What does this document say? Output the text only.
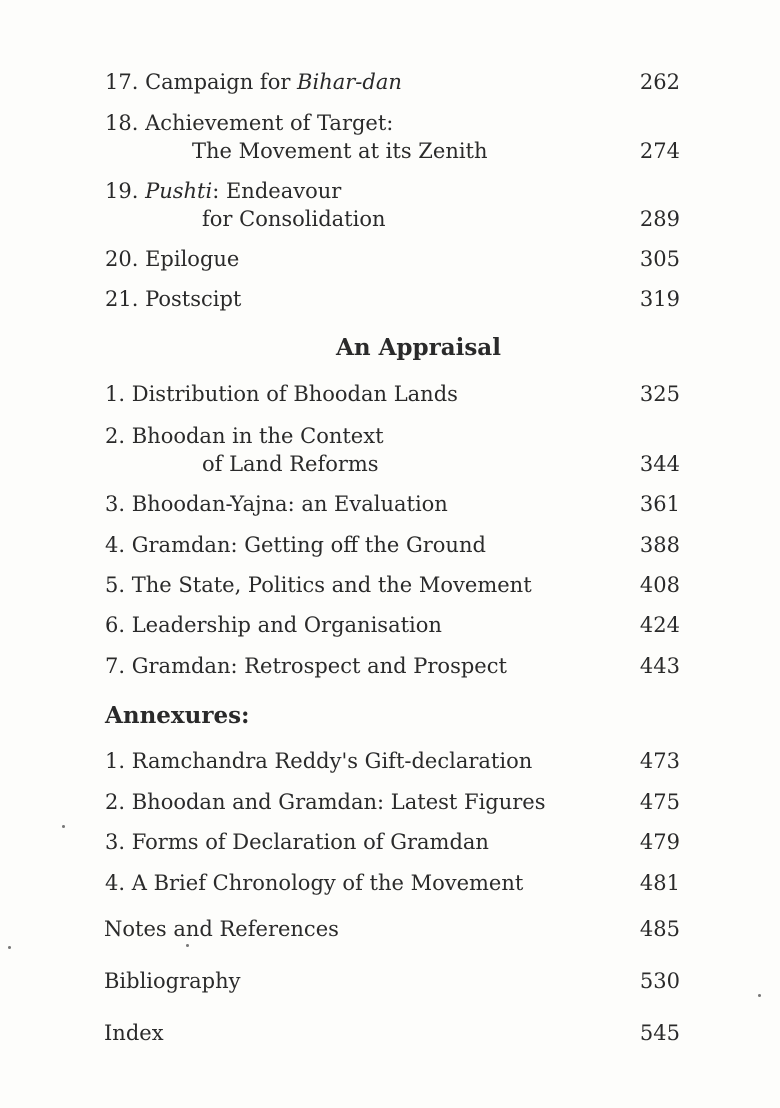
17. Campaign for Bihar-dan	262
18. Achievement of Target:
The Movement at its Zenith	274
19. Pushti: Endeavour
for Consolidation	289
20. Epilogue	305
21. Postscipt	319
An Appraisal
1. Distribution of Bhoodan Lands	325
2. Bhoodan in the Context
of Land Reforms	344
3. Bhoodan-Yajna: an Evaluation	361
4. Gramdan: Getting off the Ground	388
5. The State, Politics and the Movement	408
6. Leadership and Organisation	424
7. Gramdan: Retrospect and Prospect	443
Annexures:
1. Ramchandra Reddy's Gift-declaration	473
2. Bhoodan and Gramdan: Latest Figures	475
3. Forms of Declaration of Gramdan	479
4. A Brief Chronology of the Movement	481
Notes and References	485
Bibliography	530
Index	545
